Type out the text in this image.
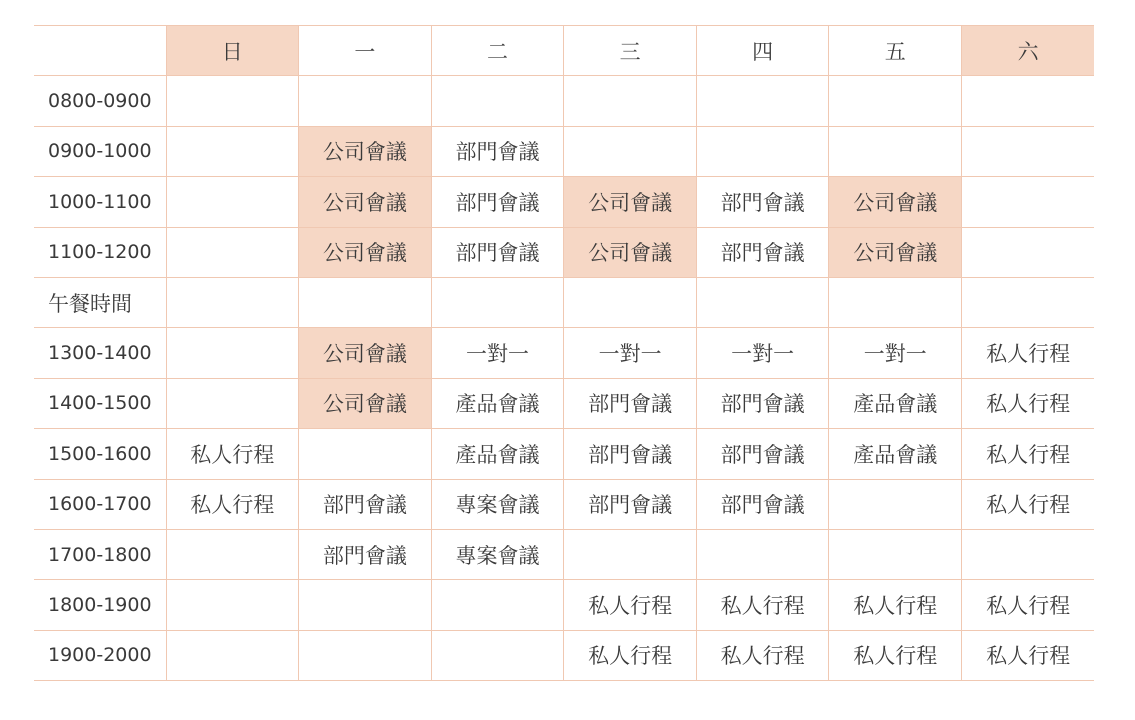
	日	一	二	三	四	五	六
0800-0900							
0900-1000		公司會議	部門會議				
1000-1100		公司會議	部門會議	公司會議	部門會議	公司會議	
1100-1200		公司會議	部門會議	公司會議	部門會議	公司會議	
午餐時間							
1300-1400		公司會議	一對一	一對一	一對一	一對一	私人行程
1400-1500		公司會議	產品會議	部門會議	部門會議	產品會議	私人行程
1500-1600	私人行程		產品會議	部門會議	部門會議	產品會議	私人行程
1600-1700	私人行程	部門會議	專案會議	部門會議	部門會議		私人行程
1700-1800		部門會議	專案會議				
1800-1900				私人行程	私人行程	私人行程	私人行程
1900-2000				私人行程	私人行程	私人行程	私人行程
